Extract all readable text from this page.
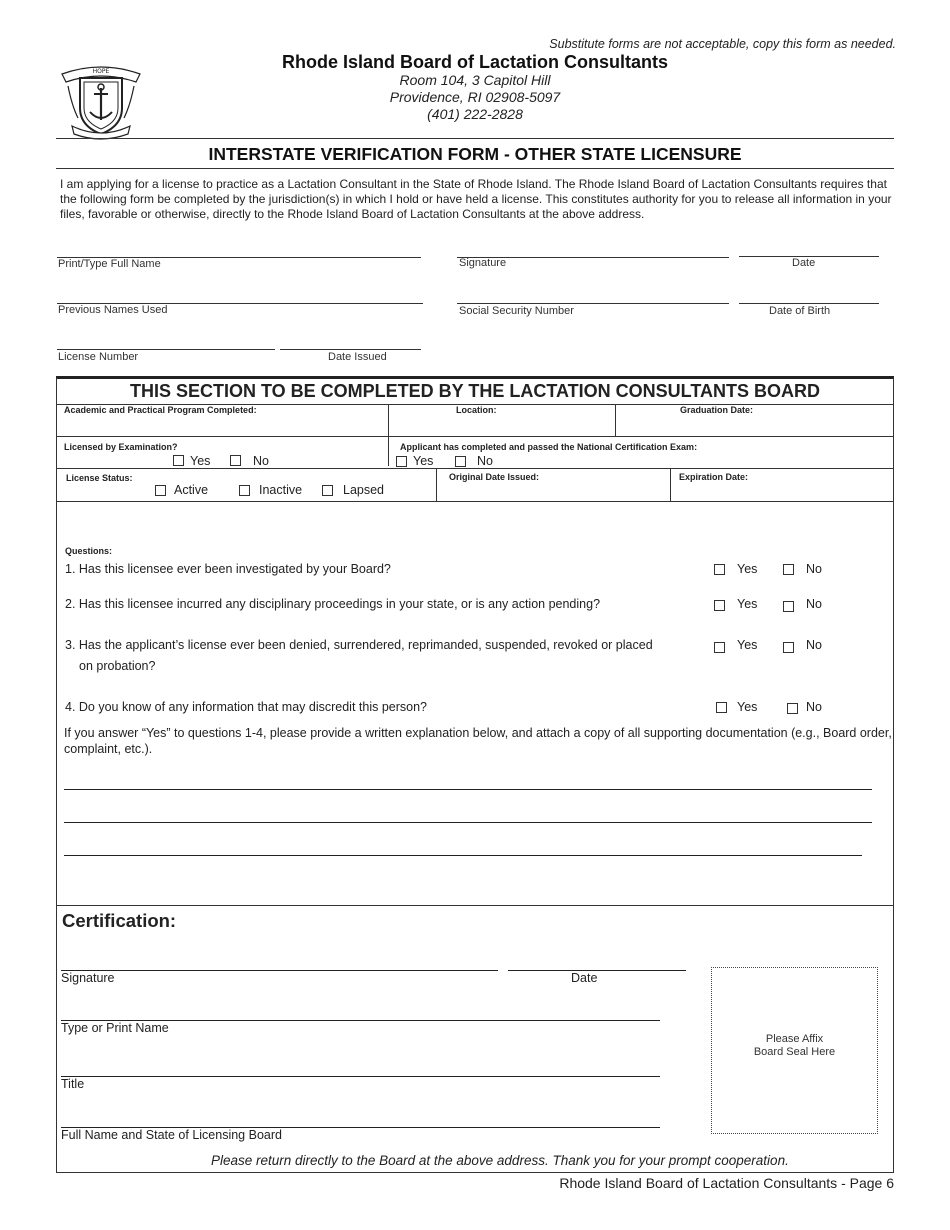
HOPE
Substitute forms are not acceptable, copy this form as needed.
Rhode Island Board of Lactation Consultants
Room 104, 3 Capitol Hill
Providence, RI 02908-5097
(401) 222-2828
INTERSTATE VERIFICATION FORM - OTHER STATE LICENSURE
I am applying for a license to practice as a Lactation Consultant in the State of Rhode Island. The Rhode Island Board of Lactation Consultants requires that the following form be completed by the jurisdiction(s) in which I hold or have held a license. This constitutes authority for you to release all information in your files, favorable or otherwise, directly to the Rhode Island Board of Lactation Consultants at the above address.
Print/Type Full Name	Signature	Date
Previous Names Used	Social Security Number	Date of Birth
License Number	Date Issued
THIS SECTION TO BE COMPLETED BY THE LACTATION CONSULTANTS BOARD
Academic and Practical Program Completed:	Location:	Graduation Date:
Licensed by Examination?
Yes	No
Applicant has completed and passed the National Certification Exam:
Yes	No
License Status:
Active	Inactive	Lapsed
Original Date Issued:	Expiration Date:
Questions:
1. Has this licensee ever been investigated by your Board?	Yes	No
2. Has this licensee incurred any disciplinary proceedings in your state, or is any action pending?	Yes	No
3. Has the applicant’s license ever been denied, surrendered, reprimanded, suspended, revoked or placed
on probation?
Yes	No
4. Do you know of any information that may discredit this person?	Yes	No
If you answer “Yes” to questions 1-4, please provide a written explanation below, and attach a copy of all supporting documentation (e.g., Board order, complaint, etc.).
Certification:
Signature	Date
Type or Print Name
Title
Full Name and State of Licensing Board
Please Affix
Board Seal Here
Please return directly to the Board at the above address. Thank you for your prompt cooperation.
Rhode Island Board of Lactation Consultants - Page 6
